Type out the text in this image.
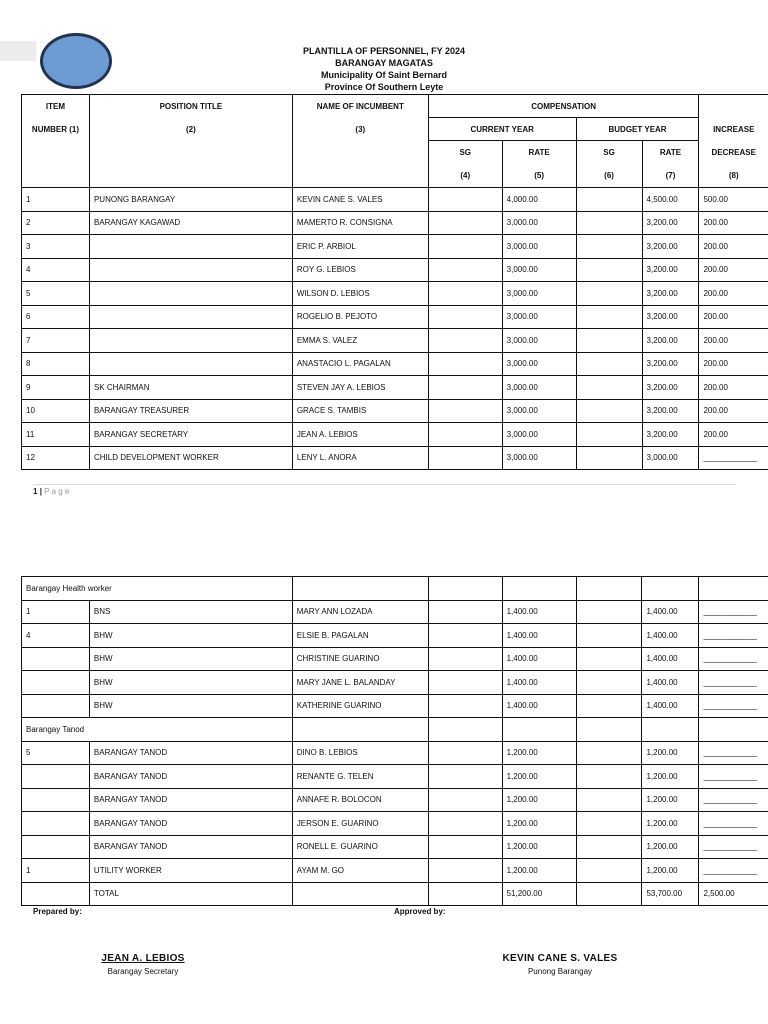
PLANTILLA OF PERSONNEL, FY 2024
BARANGAY MAGATAS
Municipality Of Saint Bernard
Province Of Southern Leyte
ITEM	POSITION TITLE	NAME OF INCUMBENT	COMPENSATION				
NUMBER (1)	(2)	(3)	CURRENT YEAR		BUDGET YEAR		INCREASE
			SG	RATE	SG	RATE	DECREASE
			(4)	(5)	(6)	(7)	(8)
1	PUNONG BARANGAY	KEVIN CANE S. VALES		4,000.00		4,500.00	500.00
2	BARANGAY KAGAWAD	MAMERTO R. CONSIGNA		3,000.00		3,200.00	200.00
3		ERIC P. ARBIOL		3,000.00		3,200.00	200.00
4		ROY G. LEBIOS		3,000.00		3,200.00	200.00
5		WILSON D. LEBIOS		3,000.00		3,200.00	200.00
6		ROGELIO B. PEJOTO		3,000.00		3,200.00	200.00
7		EMMA S. VALEZ		3,000.00		3,200.00	200.00
8		ANASTACIO L. PAGALAN		3,000.00		3,200.00	200.00
9	SK CHAIRMAN	STEVEN JAY A. LEBIOS		3,000.00		3,200.00	200.00
10	BARANGAY TREASURER	GRACE S. TAMBIS		3,000.00		3,200.00	200.00
11	BARANGAY SECRETARY	JEAN A. LEBIOS		3,000.00		3,200.00	200.00
12	CHILD DEVELOPMENT WORKER	LENY L. ANORA		3,000.00		3,000.00	____________
1 | P a g e
Barangay Health worker							
1	BNS	MARY ANN LOZADA		1,400.00		1,400.00	____________
4	BHW	ELSIE B. PAGALAN		1,400.00		1,400.00	____________
	BHW	CHRISTINE GUARINO		1,400.00		1,400.00	____________
	BHW	MARY JANE L. BALANDAY		1,400.00		1,400.00	____________
	BHW	KATHERINE GUARINO		1,400.00		1,400.00	____________
Barangay Tanod							
5	BARANGAY TANOD	DINO B. LEBIOS		1,200.00		1,200.00	____________
	BARANGAY TANOD	RENANTE G. TELEN		1,200.00		1,200.00	____________
	BARANGAY TANOD	ANNAFE R. BOLOCON		1,200.00		1,200.00	____________
	BARANGAY TANOD	JERSON E. GUARINO		1,200.00		1,200.00	____________
	BARANGAY TANOD	RONELL E. GUARINO		1,200.00		1,200.00	____________
1	UTILITY WORKER	AYAM M. GO		1,200.00		1,200.00	____________
	TOTAL			51,200.00		53,700.00	2,500.00
Prepared by:	Approved by:
JEAN A. LEBIOS
Barangay Secretary
KEVIN CANE S. VALES
Punong Barangay
